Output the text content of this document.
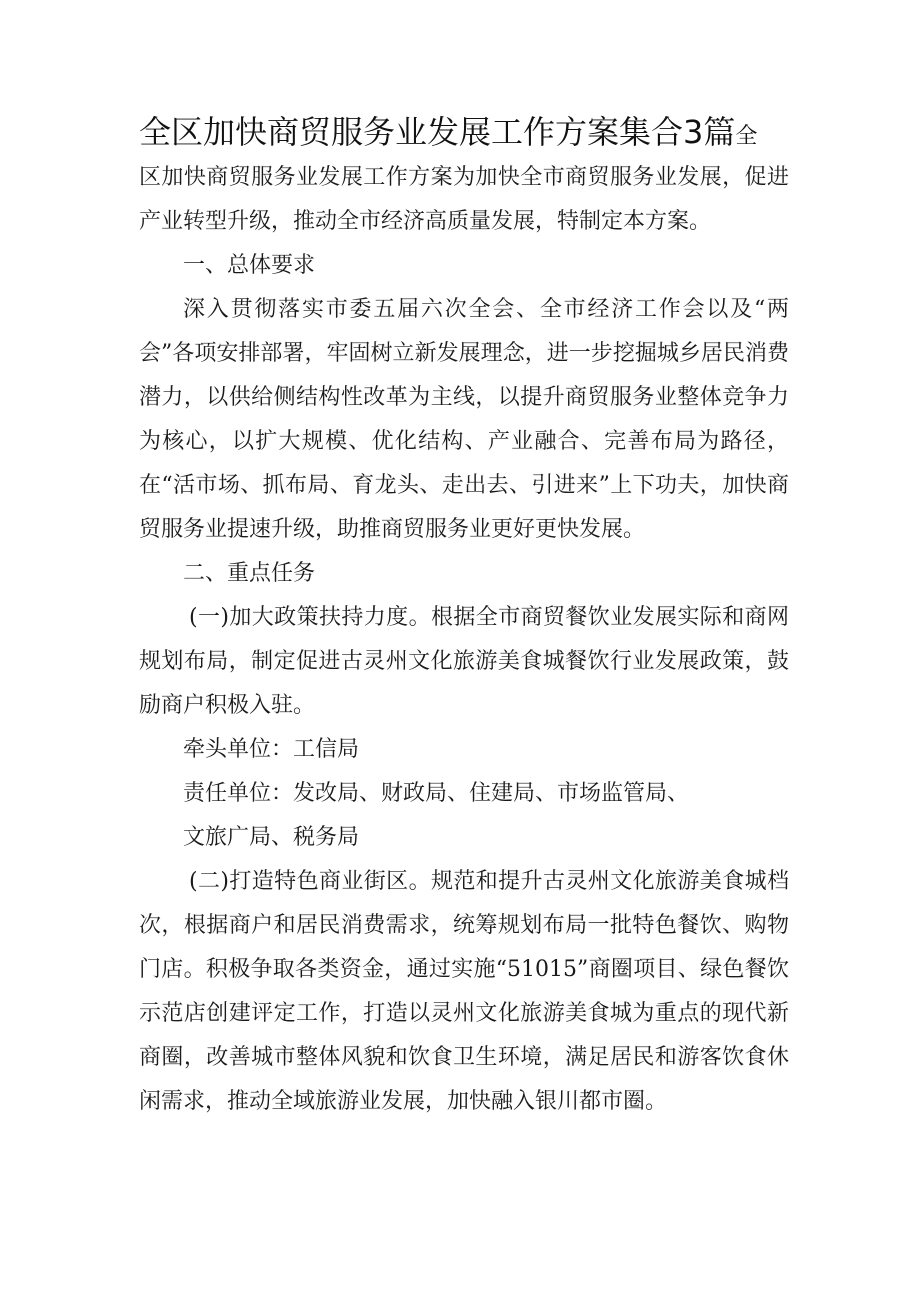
全区加快商贸服务业发展工作方案集合3篇全

区加快商贸服务业发展工作方案为加快全市商贸服务业发展，促进产业转型升级，推动全市经济高质量发展，特制定本方案。

一、总体要求

深入贯彻落实市委五届六次全会、全市经济工作会以及“两会”各项安排部署，牢固树立新发展理念，进一步挖掘城乡居民消费潜力，以供给侧结构性改革为主线，以提升商贸服务业整体竞争力为核心，以扩大规模、优化结构、产业融合、完善布局为路径，在“活市场、抓布局、育龙头、走出去、引进来”上下功夫，加快商贸服务业提速升级，助推商贸服务业更好更快发展。

二、重点任务

(一)加大政策扶持力度。根据全市商贸餐饮业发展实际和商网规划布局，制定促进古灵州文化旅游美食城餐饮行业发展政策，鼓励商户积极入驻。

牵头单位：工信局

责任单位：发改局、财政局、住建局、市场监管局、

文旅广局、税务局

(二)打造特色商业街区。规范和提升古灵州文化旅游美食城档次，根据商户和居民消费需求，统筹规划布局一批特色餐饮、购物门店。积极争取各类资金，通过实施“51015”商圈项目、绿色餐饮示范店创建评定工作，打造以灵州文化旅游美食城为重点的现代新商圈，改善城市整体风貌和饮食卫生环境，满足居民和游客饮食休闲需求，推动全域旅游业发展，加快融入银川都市圈。
